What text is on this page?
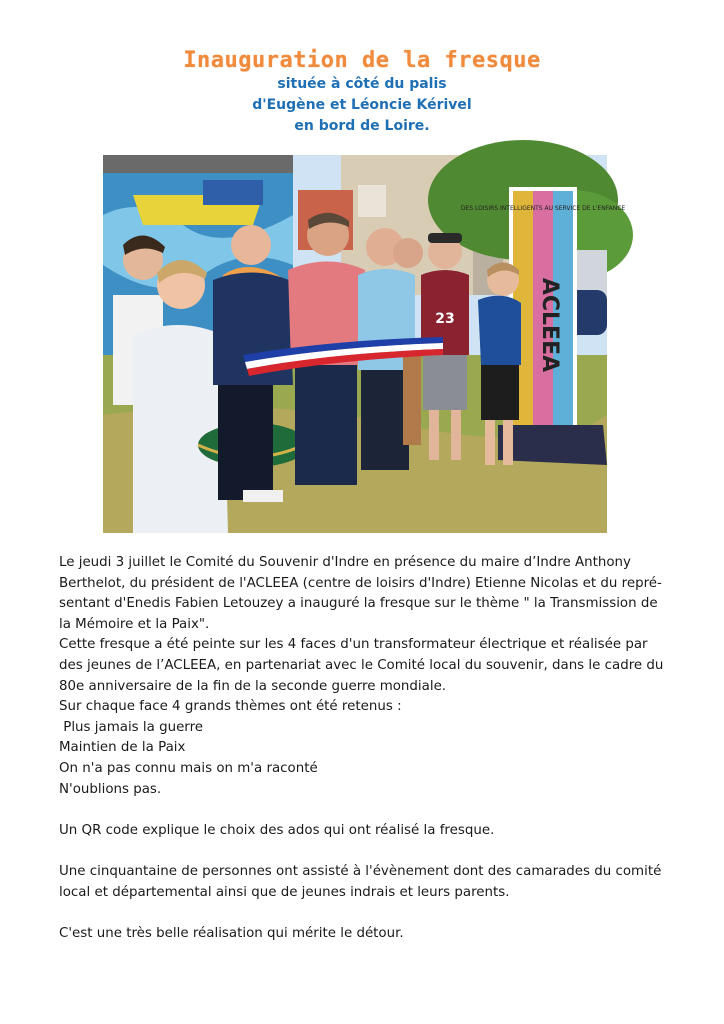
Inauguration de la fresque
située à côté du palis
d'Eugène et Léoncie Kérivel
en bord de Loire.
DES LOISIRS INTELLIGENTS AU SERVICE DE L'ENFANCE
ACLEEA
23

Le jeudi 3 juillet le Comité du Souvenir d'Indre en présence du maire d’Indre Anthony

Berthelot, du président de l'ACLEEA (centre de loisirs d'Indre) Etienne Nicolas et du repré-

sentant d'Enedis Fabien Letouzey a inauguré la fresque sur le thème " la Transmission de

la Mémoire et la Paix".

Cette fresque a été peinte sur les 4 faces d'un transformateur électrique et réalisée par

des jeunes de l’ACLEEA, en partenariat avec le Comité local du souvenir, dans le cadre du

80e anniversaire de la fin de la seconde guerre mondiale.

Sur chaque face 4 grands thèmes ont été retenus :

Plus jamais la guerre

Maintien de la Paix

On n'a pas connu mais on m'a raconté

N'oublions pas.

Un QR code explique le choix des ados qui ont réalisé la fresque.

Une cinquantaine de personnes ont assisté à l'évènement dont des camarades du comité

local et départemental ainsi que de jeunes indrais et leurs parents.

C'est une très belle réalisation qui mérite le détour.
